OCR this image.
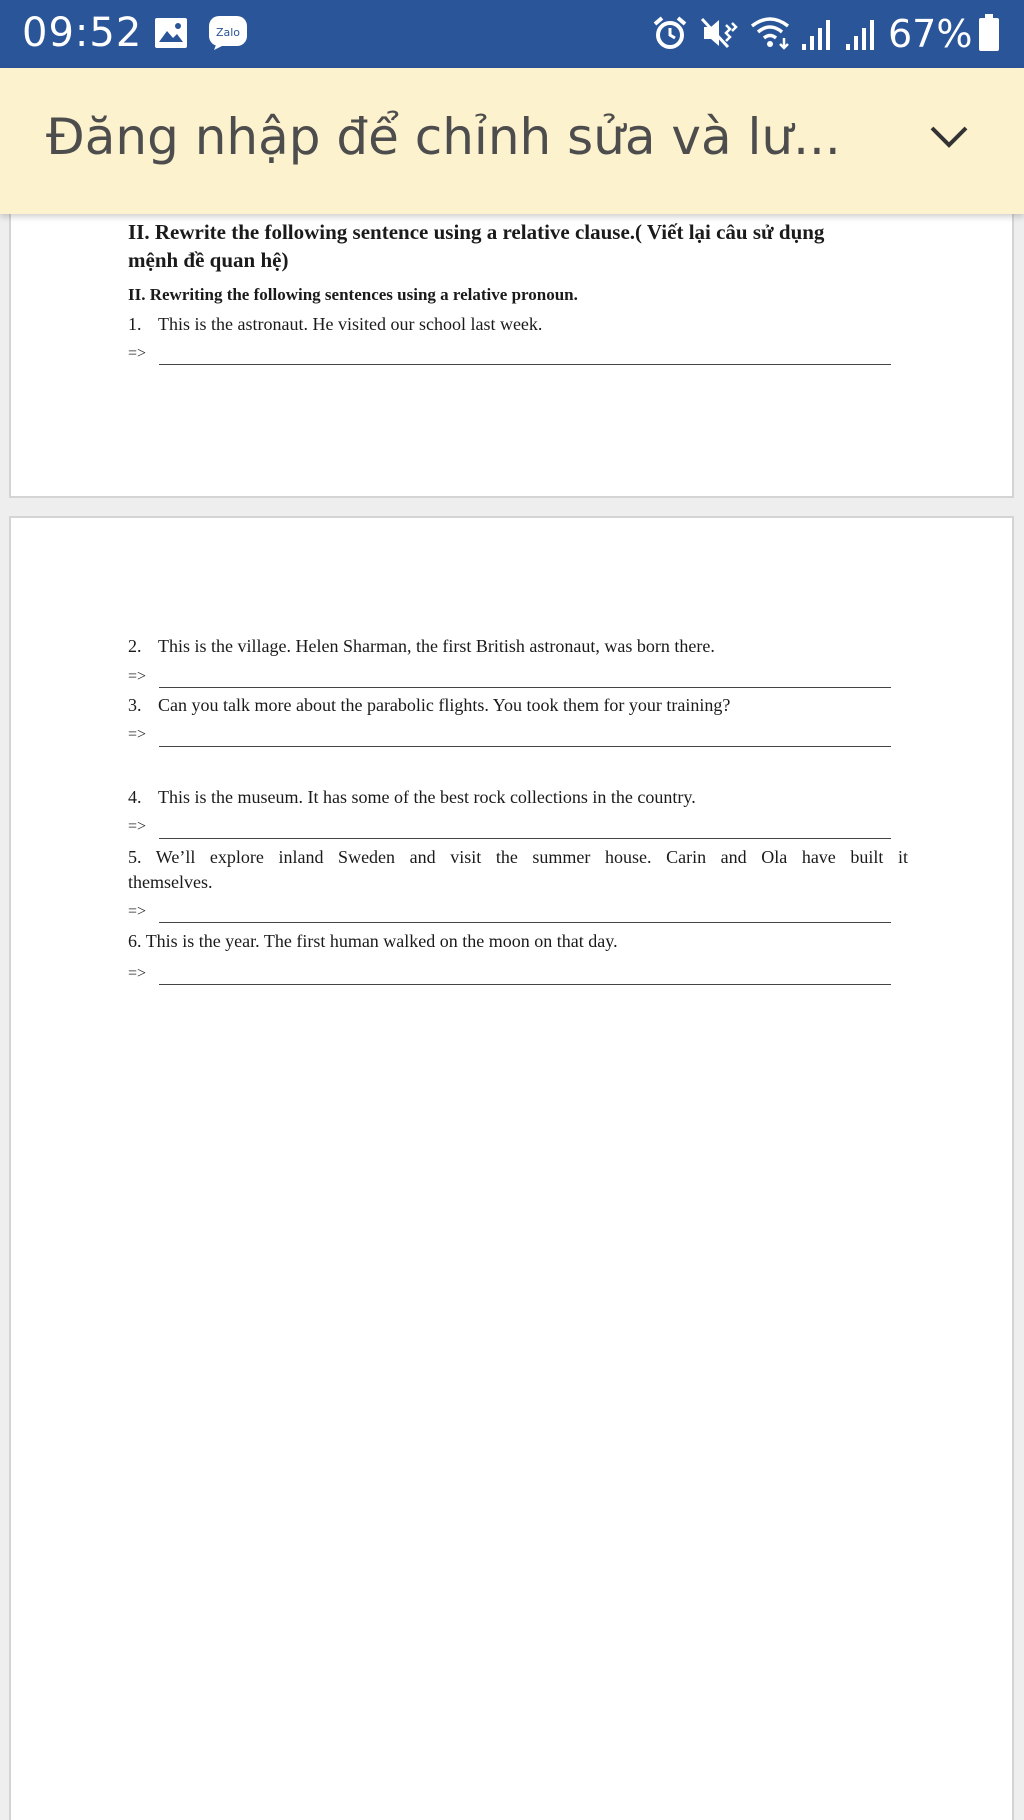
09:52	Zalo	67%
Đăng nhập để chỉnh sửa và lư...
II. Rewrite the following sentence using a relative clause.( Viết lại câu sử dụng
mệnh đề quan hệ)
II. Rewriting the following sentences using a relative pronoun.
1. This is the astronaut. He visited our school last week.
=>
2. This is the village. Helen Sharman, the first British astronaut, was born there.
=>
3. Can you talk more about the parabolic flights. You took them for your training?
=>
4. This is the museum. It has some of the best rock collections in the country.
=>
5. We’ll explore inland Sweden and visit the summer house. Carin and Ola have built it
themselves.
=>
6. This is the year. The first human walked on the moon on that day.
=>
